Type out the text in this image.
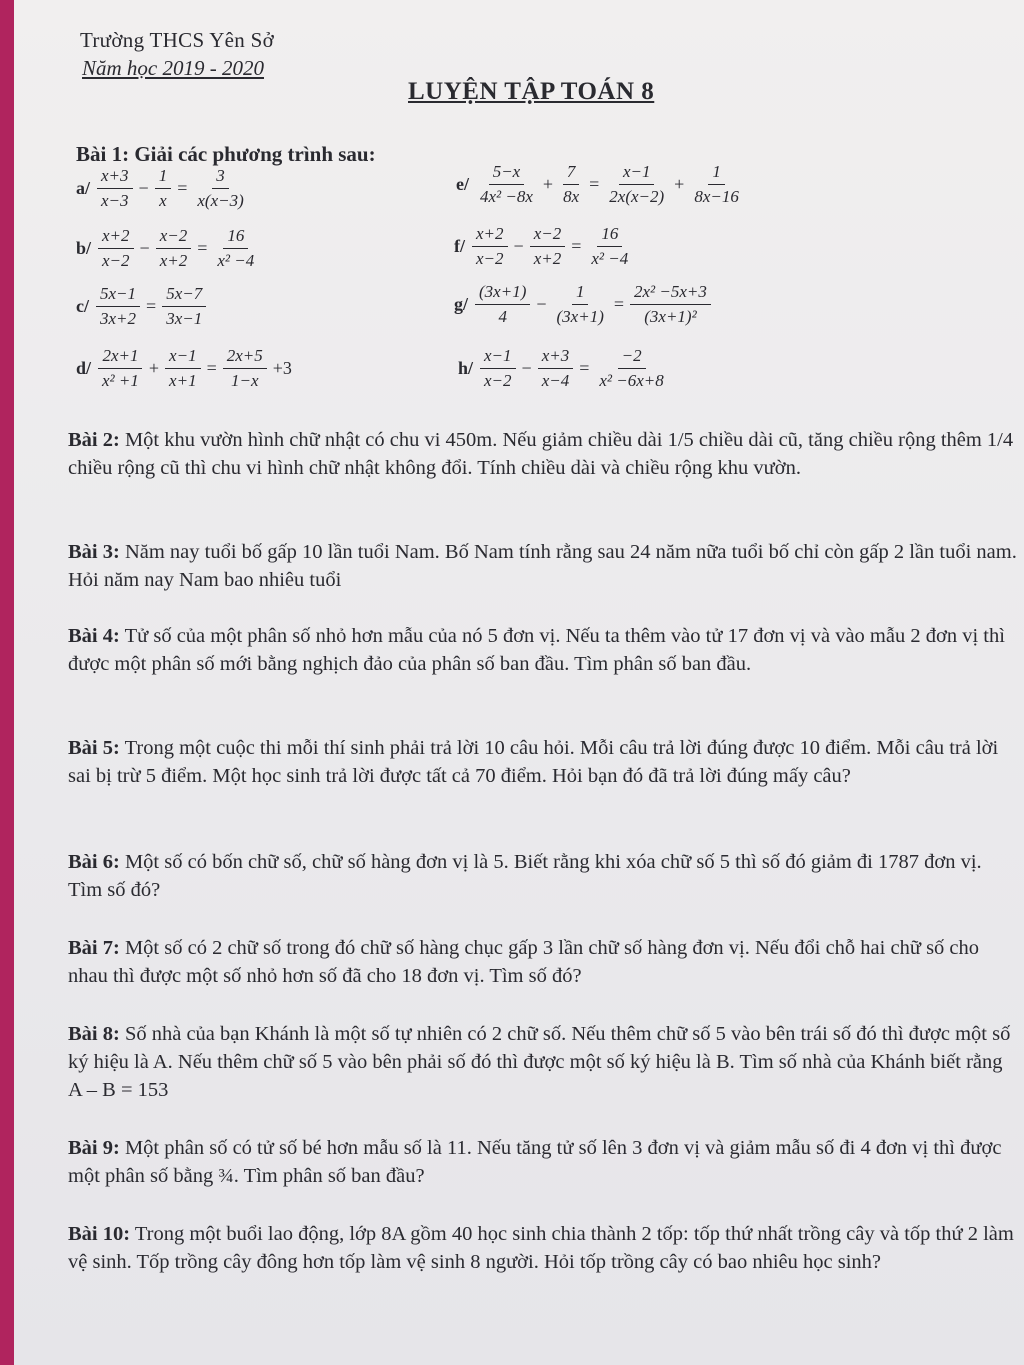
Trường THCS Yên Sở
Năm học 2019 - 2020
LUYỆN TẬP TOÁN 8
Bài 1: Giải các phương trình sau:
$a/ \frac{x+3}{x-3} - \frac{1}{x} = \frac{3}{x(x-3)}$
$b/ \frac{x+2}{x-2} - \frac{x-2}{x+2} = \frac{16}{\text{x² −4}}$
$c/ \frac{5x-1}{3x+2} = \frac{5x-7}{3x-1}$
$d/ \frac{2x+1}{\text{x² +1}} + \frac{x-1}{x+1} = \frac{2x+5}{1-x} +3$
$e/ \frac{5-x}{\text{4x² −8x}} + \frac{7}{8x} = \frac{x-1}{2x(x-2)} + \frac{1}{8x-16}$
$f/ \frac{x+2}{x-2} - \frac{x-2}{x+2} = \frac{16}{\text{x² −4}}$
$g/ \frac{(3x+1)}{4} - \frac{1}{(3x+1)} = \frac{\text{2x² −5x+3}}{\text{(3x+1)²}}$
$h/ \frac{x-1}{x-2} - \frac{x+3}{x-4} = \frac{-2}{\text{x² −6x+8}}$
Bài 2: Một khu vườn hình chữ nhật có chu vi 450m. Nếu giảm chiều dài 1/5 chiều dài cũ, tăng chiều rộng thêm 1/4 chiều rộng cũ thì chu vi hình chữ nhật không đổi. Tính chiều dài và chiều rộng khu vườn.
Bài 3: Năm nay tuổi bố gấp 10 lần tuổi Nam. Bố Nam tính rằng sau 24 năm nữa tuổi bố chỉ còn gấp 2 lần tuổi nam. Hỏi năm nay Nam bao nhiêu tuổi
Bài 4: Tử số của một phân số nhỏ hơn mẫu của nó 5 đơn vị. Nếu ta thêm vào tử 17 đơn vị và vào mẫu 2 đơn vị thì được một phân số mới bằng nghịch đảo của phân số ban đầu. Tìm phân số ban đầu.
Bài 5: Trong một cuộc thi mỗi thí sinh phải trả lời 10 câu hỏi. Mỗi câu trả lời đúng được 10 điểm. Mỗi câu trả lời sai bị trừ 5 điểm. Một học sinh trả lời được tất cả 70 điểm. Hỏi bạn đó đã trả lời đúng mấy câu?
Bài 6: Một số có bốn chữ số, chữ số hàng đơn vị là 5. Biết rằng khi xóa chữ số 5 thì số đó giảm đi 1787 đơn vị. Tìm số đó?
Bài 7: Một số có 2 chữ số trong đó chữ số hàng chục gấp 3 lần chữ số hàng đơn vị. Nếu đổi chỗ hai chữ số cho nhau thì được một số nhỏ hơn số đã cho 18 đơn vị. Tìm số đó?
Bài 8: Số nhà của bạn Khánh là một số tự nhiên có 2 chữ số. Nếu thêm chữ số 5 vào bên trái số đó thì được một số ký hiệu là A. Nếu thêm chữ số 5 vào bên phải số đó thì được một số ký hiệu là B. Tìm số nhà của Khánh biết rằng A – B = 153
Bài 9: Một phân số có tử số bé hơn mẫu số là 11. Nếu tăng tử số lên 3 đơn vị và giảm mẫu số đi 4 đơn vị thì được một phân số bằng ¾. Tìm phân số ban đầu?
Bài 10: Trong một buổi lao động, lớp 8A gồm 40 học sinh chia thành 2 tốp: tốp thứ nhất trồng cây và tốp thứ 2 làm vệ sinh. Tốp trồng cây đông hơn tốp làm vệ sinh 8 người. Hỏi tốp trồng cây có bao nhiêu học sinh?
